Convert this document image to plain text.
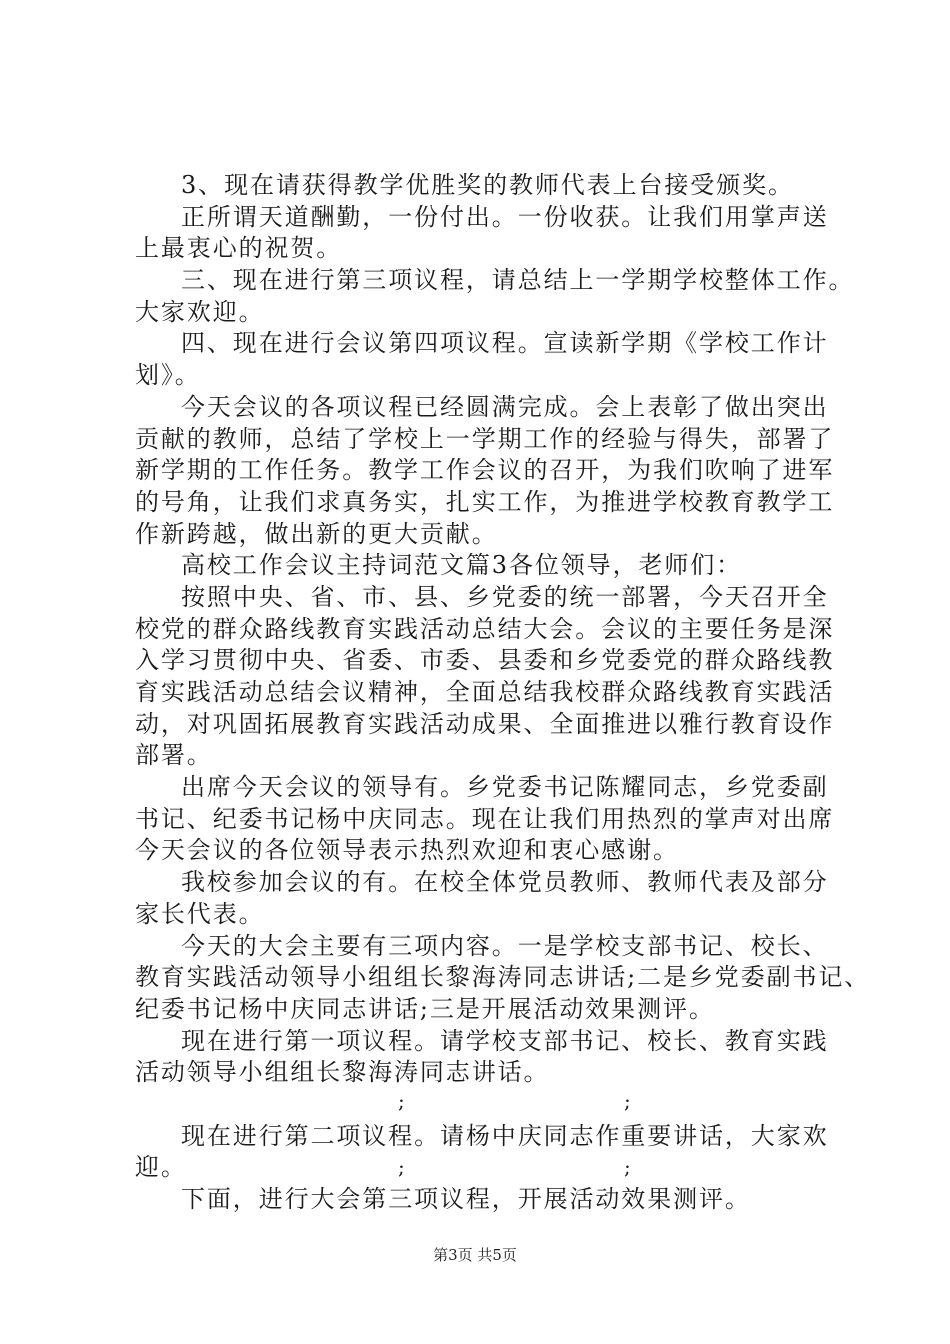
3、现在请获得教学优胜奖的教师代表上台接受颁奖。
正所谓天道酬勤，一份付出。一份收获。让我们用掌声送
上最衷心的祝贺。
三、现在进行第三项议程，请总结上一学期学校整体工作。
大家欢迎。
四、现在进行会议第四项议程。宣读新学期《学校工作计
划》。
今天会议的各项议程已经圆满完成。会上表彰了做出突出
贡献的教师，总结了学校上一学期工作的经验与得失，部署了
新学期的工作任务。教学工作会议的召开，为我们吹响了进军
的号角，让我们求真务实，扎实工作，为推进学校教育教学工
作新跨越，做出新的更大贡献。
高校工作会议主持词范文篇3各位领导，老师们：
按照中央、省、市、县、乡党委的统一部署，今天召开全
校党的群众路线教育实践活动总结大会。会议的主要任务是深
入学习贯彻中央、省委、市委、县委和乡党委党的群众路线教
育实践活动总结会议精神，全面总结我校群众路线教育实践活
动，对巩固拓展教育实践活动成果、全面推进以雅行教育设作
部署。
出席今天会议的领导有。乡党委书记陈耀同志，乡党委副
书记、纪委书记杨中庆同志。现在让我们用热烈的掌声对出席
今天会议的各位领导表示热烈欢迎和衷心感谢。
我校参加会议的有。在校全体党员教师、教师代表及部分
家长代表。
今天的大会主要有三项内容。一是学校支部书记、校长、
教育实践活动领导小组组长黎海涛同志讲话;二是乡党委副书记、
纪委书记杨中庆同志讲话;三是开展活动效果测评。
现在进行第一项议程。请学校支部书记、校长、教育实践
活动领导小组组长黎海涛同志讲话。
;	;
现在进行第二项议程。请杨中庆同志作重要讲话，大家欢
迎。	;	;
下面，进行大会第三项议程，开展活动效果测评。
第3页 共5页
